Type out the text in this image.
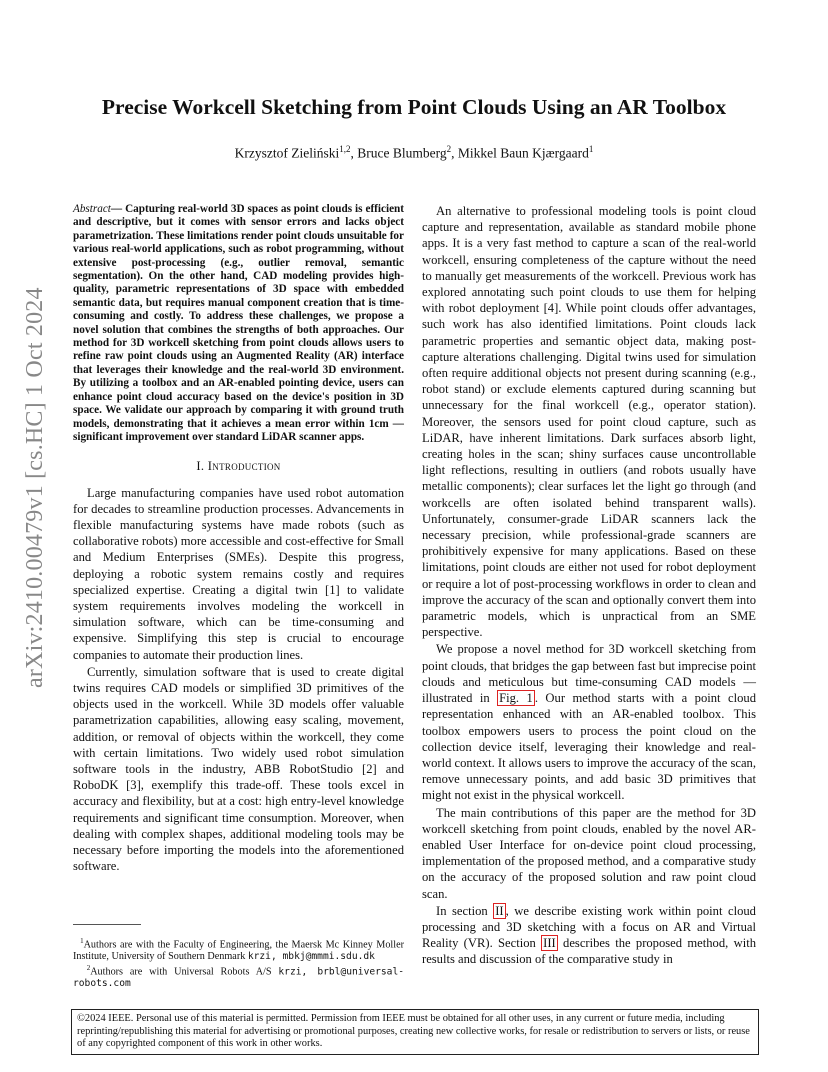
arXiv:2410.00479v1 [cs.HC] 1 Oct 2024
Precise Workcell Sketching from Point Clouds Using an AR Toolbox
Krzysztof Zieliński$^{1,2}$, Bruce Blumberg$^2$, Mikkel Baun Kjærgaard$^1$

Abstract— Capturing real-world 3D spaces as point clouds is efficient and descriptive, but it comes with sensor errors and lacks object parametrization. These limitations render point clouds unsuitable for various real-world applications, such as robot programming, without extensive post-processing (e.g., outlier removal, semantic segmentation). On the other hand, CAD modeling provides high-quality, parametric representations of 3D space with embedded semantic data, but requires manual component creation that is time-consuming and costly. To address these challenges, we propose a novel solution that combines the strengths of both approaches. Our method for 3D workcell sketching from point clouds allows users to refine raw point clouds using an Augmented Reality (AR) interface that leverages their knowledge and the real-world 3D environment. By utilizing a toolbox and an AR-enabled pointing device, users can enhance point cloud accuracy based on the device's position in 3D space. We validate our approach by comparing it with ground truth models, demonstrating that it achieves a mean error within 1cm — significant improvement over standard LiDAR scanner apps.

I. Introduction

Large manufacturing companies have used robot automation for decades to streamline production processes. Advancements in flexible manufacturing systems have made robots (such as collaborative robots) more accessible and cost-effective for Small and Medium Enterprises (SMEs). Despite this progress, deploying a robotic system remains costly and requires specialized expertise. Creating a digital twin [1] to validate system requirements involves modeling the workcell in simulation software, which can be time-consuming and expensive. Simplifying this step is crucial to encourage companies to automate their production lines.

Currently, simulation software that is used to create digital twins requires CAD models or simplified 3D primitives of the objects used in the workcell. While 3D models offer valuable parametrization capabilities, allowing easy scaling, movement, addition, or removal of objects within the workcell, they come with certain limitations. Two widely used robot simulation software tools in the industry, ABB RobotStudio [2] and RoboDK [3], exemplify this trade-off. These tools excel in accuracy and flexibility, but at a cost: high entry-level knowledge requirements and significant time consumption. Moreover, when dealing with complex shapes, additional modeling tools may be necessary before importing the models into the aforementioned software.

$^1$Authors are with the Faculty of Engineering, the Maersk Mc Kinney Moller Institute, University of Southern Denmark krzi, mbkj@mmmi.sdu.dk
$^2$Authors are with Universal Robots A/S krzi, brbl@universal-robots.com

An alternative to professional modeling tools is point cloud capture and representation, available as standard mobile phone apps. It is a very fast method to capture a scan of the real-world workcell, ensuring completeness of the capture without the need to manually get measurements of the workcell. Previous work has explored annotating such point clouds to use them for helping with robot deployment [4]. While point clouds offer advantages, such work has also identified limitations. Point clouds lack parametric properties and semantic object data, making post-capture alterations challenging. Digital twins used for simulation often require additional objects not present during scanning (e.g., robot stand) or exclude elements captured during scanning but unnecessary for the final workcell (e.g., operator station). Moreover, the sensors used for point cloud capture, such as LiDAR, have inherent limitations. Dark surfaces absorb light, creating holes in the scan; shiny surfaces cause uncontrollable light reflections, resulting in outliers (and robots usually have metallic components); clear surfaces let the light go through (and workcells are often isolated behind transparent walls). Unfortunately, consumer-grade LiDAR scanners lack the necessary precision, while professional-grade scanners are prohibitively expensive for many applications. Based on these limitations, point clouds are either not used for robot deployment or require a lot of post-processing workflows in order to clean and improve the accuracy of the scan and optionally convert them into parametric models, which is unpractical from an SME perspective.

We propose a novel method for 3D workcell sketching from point clouds, that bridges the gap between fast but imprecise point clouds and meticulous but time-consuming CAD models — illustrated in Fig. 1 . Our method starts with a point cloud representation enhanced with an AR-enabled toolbox. This toolbox empowers users to process the point cloud on the collection device itself, leveraging their knowledge and real-world context. It allows users to improve the accuracy of the scan, remove unnecessary points, and add basic 3D primitives that might not exist in the physical workcell.

The main contributions of this paper are the method for 3D workcell sketching from point clouds, enabled by the novel AR-enabled User Interface for on-device point cloud processing, implementation of the proposed method, and a comparative study on the accuracy of the proposed solution and raw point cloud scan.

In section II , we describe existing work within point cloud processing and 3D sketching with a focus on AR and Virtual Reality (VR). Section III describes the proposed method, with results and discussion of the comparative study in

©2024 IEEE. Personal use of this material is permitted. Permission from IEEE must be obtained for all other uses, in any current or future media, including reprinting/republishing this material for advertising or promotional purposes, creating new collective works, for resale or redistribution to servers or lists, or reuse of any copyrighted component of this work in other works.
